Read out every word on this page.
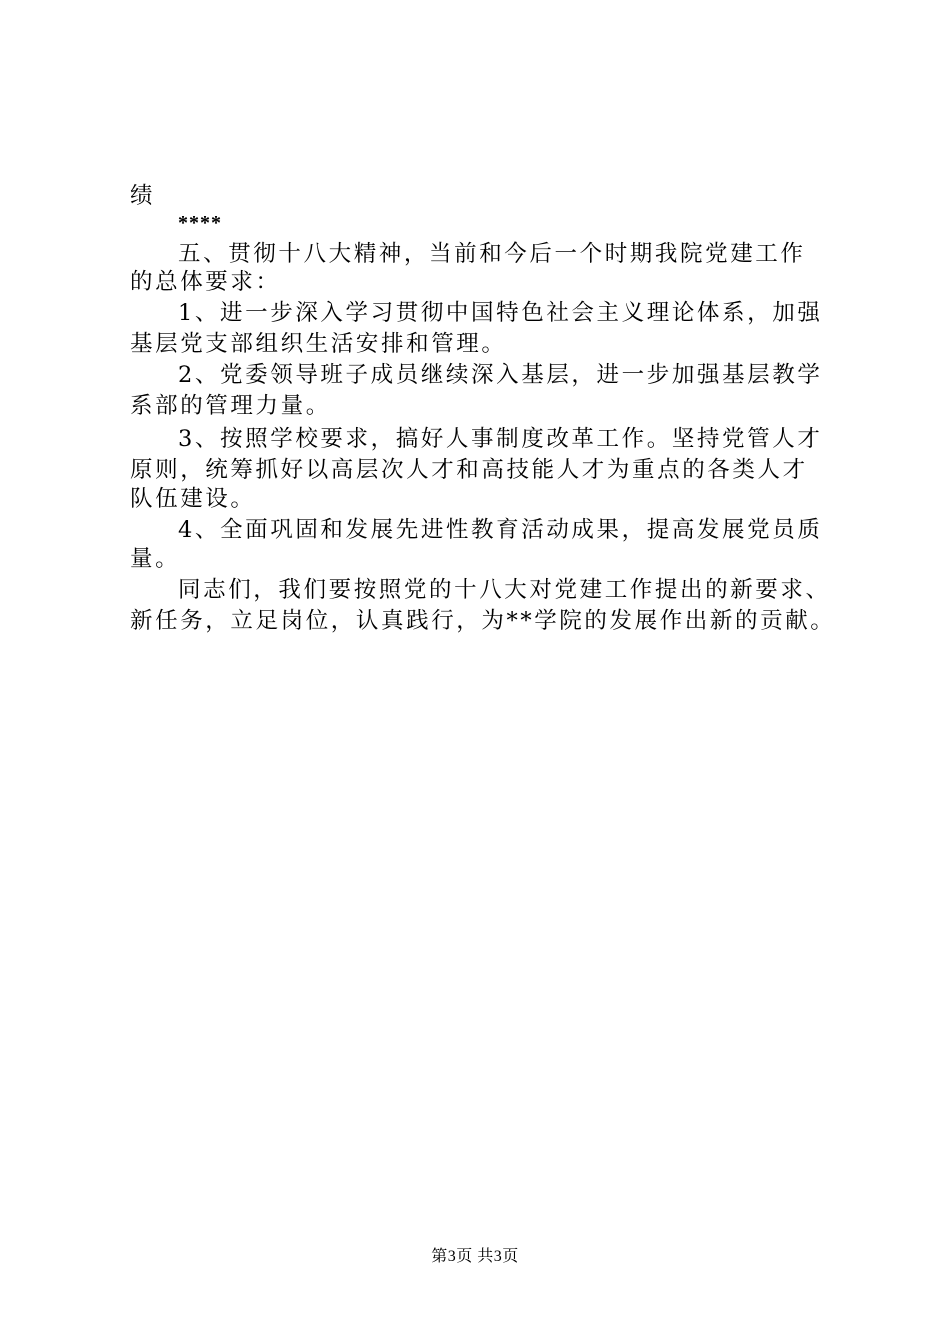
绩
****
五、贯彻十八大精神，当前和今后一个时期我院党建工作
的总体要求：
1、进一步深入学习贯彻中国特色社会主义理论体系，加强
基层党支部组织生活安排和管理。
2、党委领导班子成员继续深入基层，进一步加强基层教学
系部的管理力量。
3、按照学校要求，搞好人事制度改革工作。坚持党管人才
原则，统筹抓好以高层次人才和高技能人才为重点的各类人才
队伍建设。
4、全面巩固和发展先进性教育活动成果，提高发展党员质
量。
同志们，我们要按照党的十八大对党建工作提出的新要求、
新任务，立足岗位，认真践行，为**学院的发展作出新的贡献。
第3页 共3页
